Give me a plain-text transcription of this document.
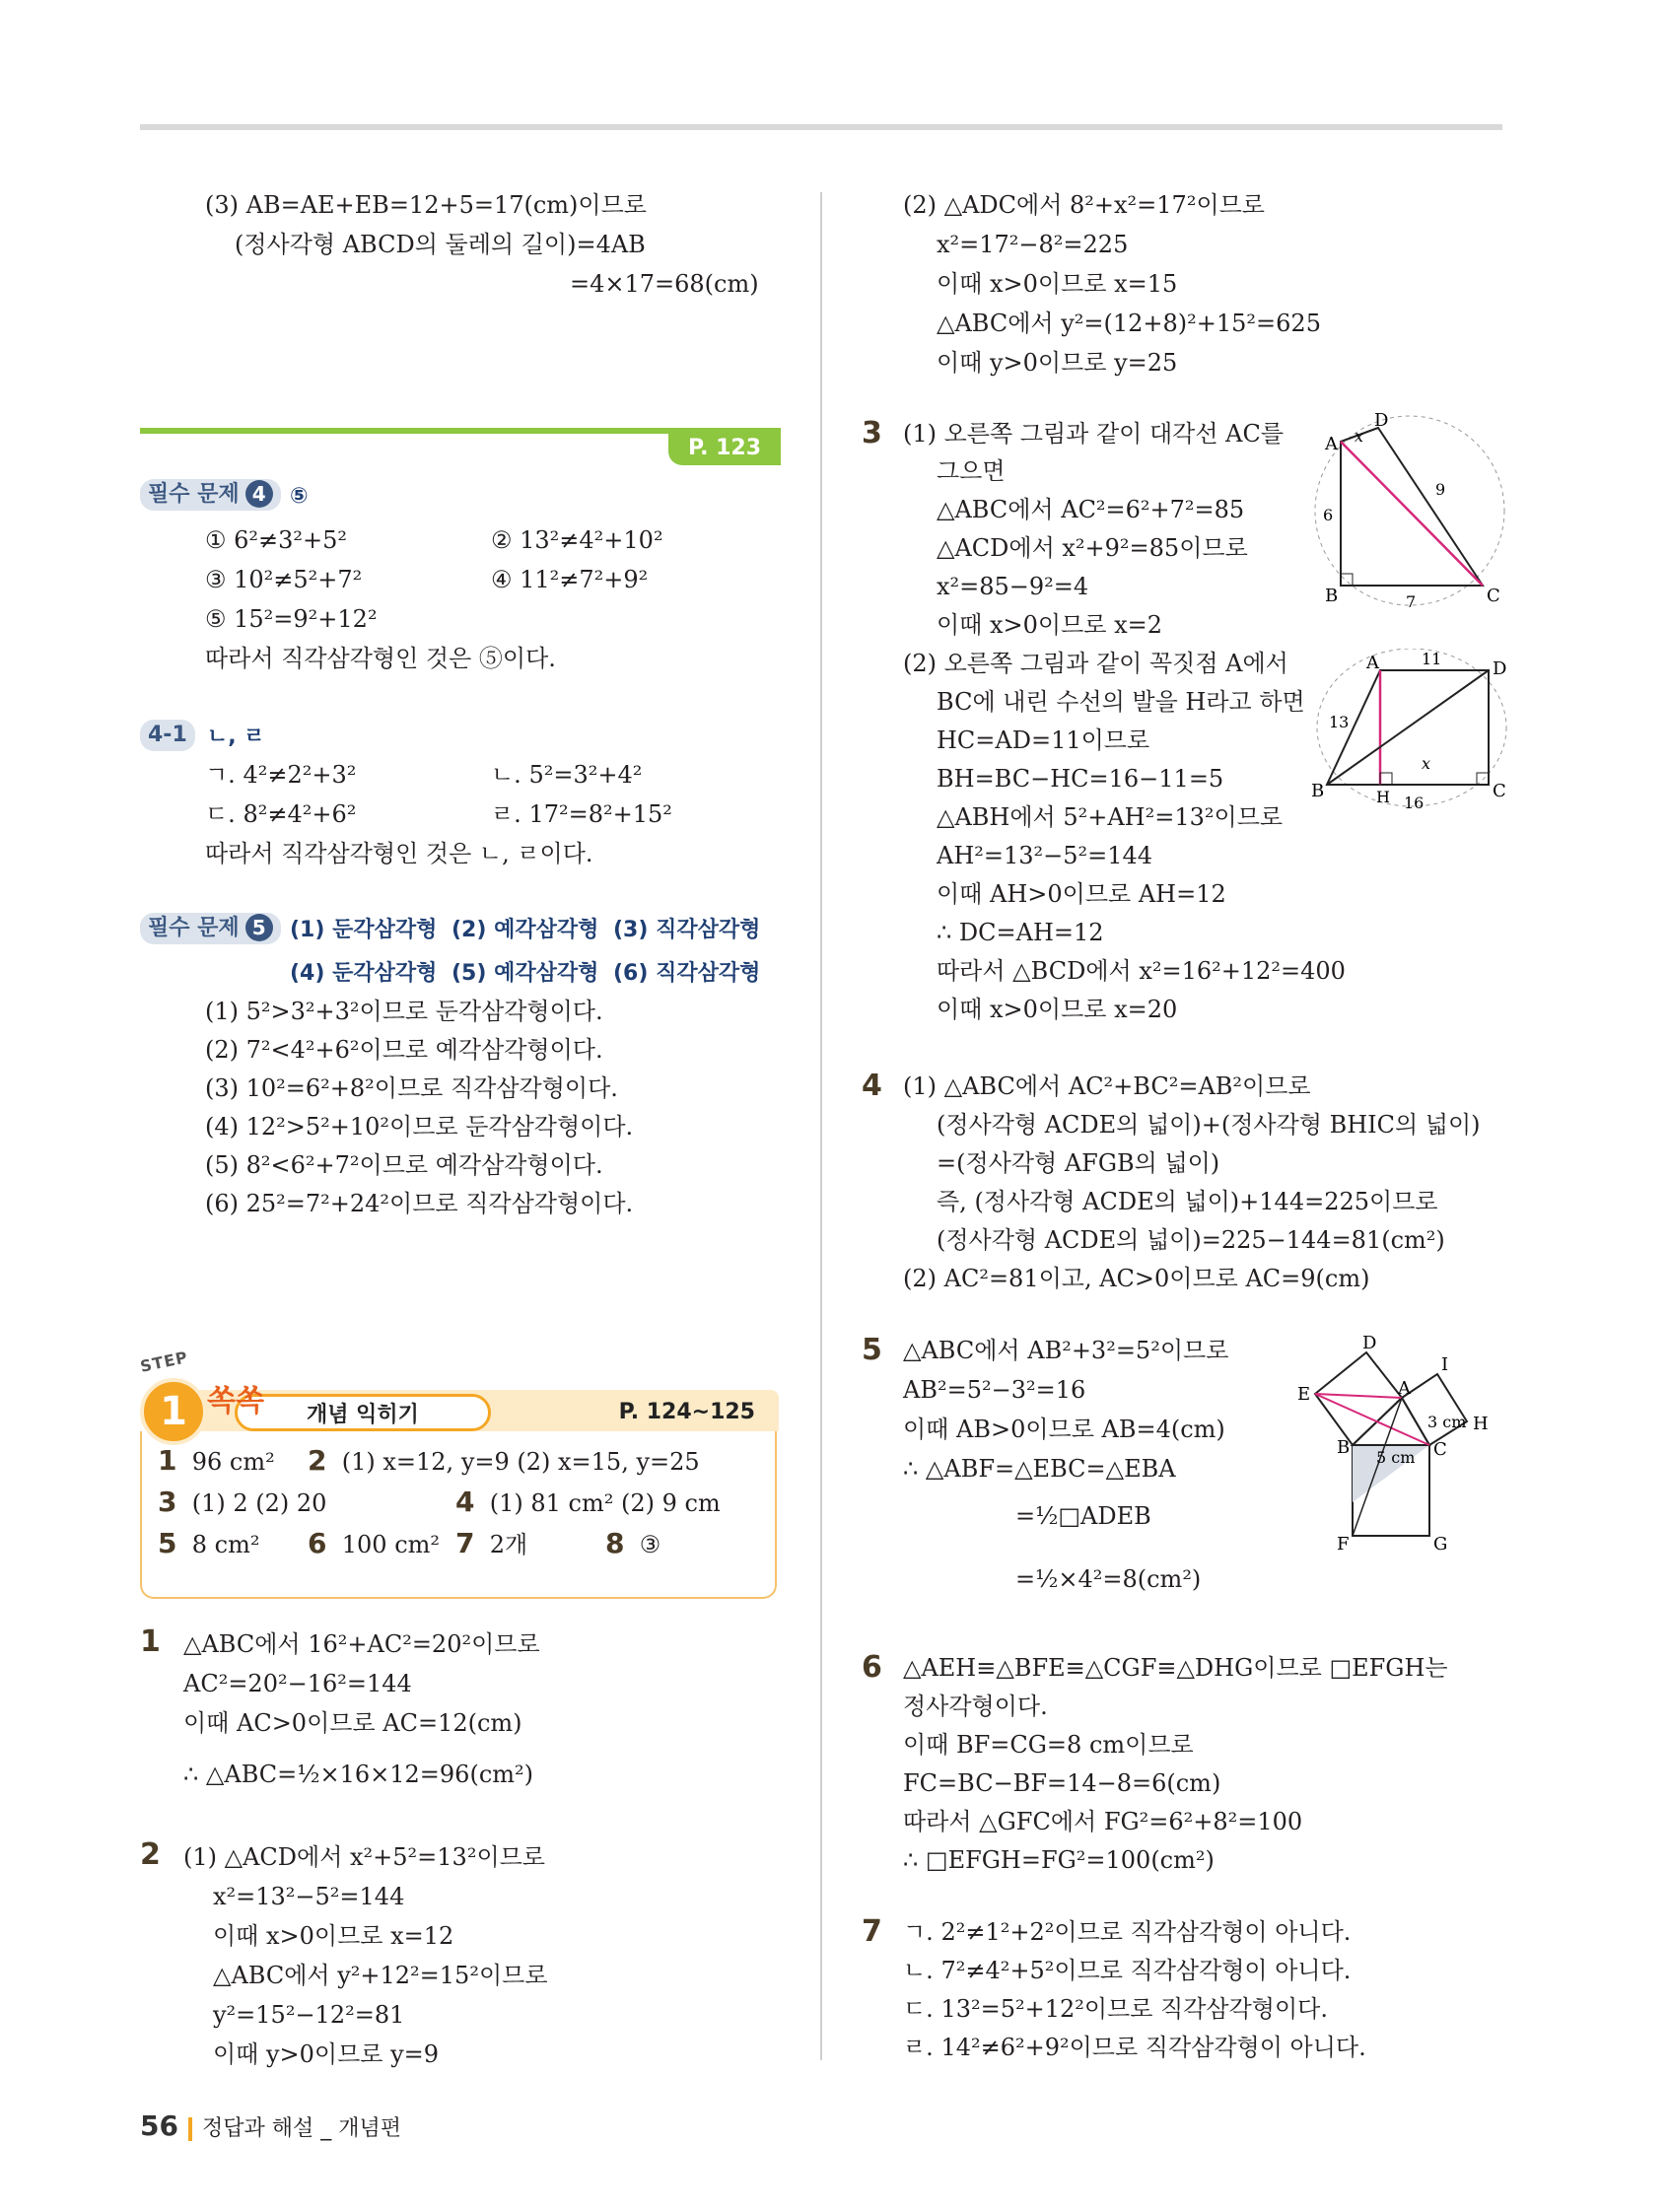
(3) AB=AE+EB=12+5=17(cm)이므로
(정사각형 ABCD의 둘레의 길이)=4AB
=4×17=68(cm)
P. 123
필수 문제 4	⑤
① 6²≠3²+5²	② 13²≠4²+10²
③ 10²≠5²+7²	④ 11²≠7²+9²
⑤ 15²=9²+12²
따라서 직각삼각형인 것은 ⑤이다.
4-1 ㄴ, ㄹ
ㄱ. 4²≠2²+3²	ㄴ. 5²=3²+4²
ㄷ. 8²≠4²+6²	ㄹ. 17²=8²+15²
따라서 직각삼각형인 것은 ㄴ, ㄹ이다.
필수 문제 5	(1) 둔각삼각형 (2) 예각삼각형 (3) 직각삼각형
(4) 둔각삼각형 (5) 예각삼각형 (6) 직각삼각형
(1) 5²>3²+3²이므로 둔각삼각형이다.
(2) 7²<4²+6²이므로 예각삼각형이다.
(3) 10²=6²+8²이므로 직각삼각형이다.
(4) 12²>5²+10²이므로 둔각삼각형이다.
(5) 8²<6²+7²이므로 예각삼각형이다.
(6) 25²=7²+24²이므로 직각삼각형이다.
개념 익히기	P. 124~125
STEP
1 쏙쏙
1 96 cm² 2 (1) x=12, y=9 (2) x=15, y=25
3 (1) 2 (2) 20	4 (1) 81 cm² (2) 9 cm
5 8 cm² 6 100 cm² 7 2개	8 ③
1 △ABC에서 16²+AC²=20²이므로
AC²=20²−16²=144
이때 AC>0이므로 AC=12(cm)
∴ △ABC=½×16×12=96(cm²)
2 (1) △ACD에서 x²+5²=13²이므로
x²=13²−5²=144
이때 x>0이므로 x=12
△ABC에서 y²+12²=15²이므로
y²=15²−12²=81
이때 y>0이므로 y=9
56 정답과 해설 _ 개념편
(2) △ADC에서 8²+x²=17²이므로
x²=17²−8²=225
이때 x>0이므로 x=15
△ABC에서 y²=(12+8)²+15²=625
이때 y>0이므로 y=25
3 (1) 오른쪽 그림과 같이 대각선 AC를
그으면
△ABC에서 AC²=6²+7²=85
△ACD에서 x²+9²=85이므로
x²=85−9²=4
이때 x>0이므로 x=2
(2) 오른쪽 그림과 같이 꼭짓점 A에서
BC에 내린 수선의 발을 H라고 하면
HC=AD=11이므로
BH=BC−HC=16−11=5
△ABH에서 5²+AH²=13²이므로
AH²=13²−5²=144
이때 AH>0이므로 AH=12
∴ DC=AH=12
따라서 △BCD에서 x²=16²+12²=400
이때 x>0이므로 x=20
A
D
B	C
x
6
7
9
A	D
B	C
H
x
11
13
16
4 (1) △ABC에서 AC²+BC²=AB²이므로
(정사각형 ACDE의 넓이)+(정사각형 BHIC의 넓이)
=(정사각형 AFGB의 넓이)
즉, (정사각형 ACDE의 넓이)+144=225이므로
(정사각형 ACDE의 넓이)=225−144=81(cm²)
(2) AC²=81이고, AC>0이므로 AC=9(cm)
5 △ABC에서 AB²+3²=5²이므로
AB²=5²−3²=16
이때 AB>0이므로 AB=4(cm)
∴ △ABF=△EBC=△EBA
=½□ADEB
=½×4²=8(cm²)
D
E
I
A
H
B	C
F	G
3 cm
5 cm
6 △AEH≡△BFE≡△CGF≡△DHG이므로 □EFGH는
정사각형이다.
이때 BF=CG=8 cm이므로
FC=BC−BF=14−8=6(cm)
따라서 △GFC에서 FG²=6²+8²=100
∴ □EFGH=FG²=100(cm²)
7 ㄱ. 2²≠1²+2²이므로 직각삼각형이 아니다.
ㄴ. 7²≠4²+5²이므로 직각삼각형이 아니다.
ㄷ. 13²=5²+12²이므로 직각삼각형이다.
ㄹ. 14²≠6²+9²이므로 직각삼각형이 아니다.
